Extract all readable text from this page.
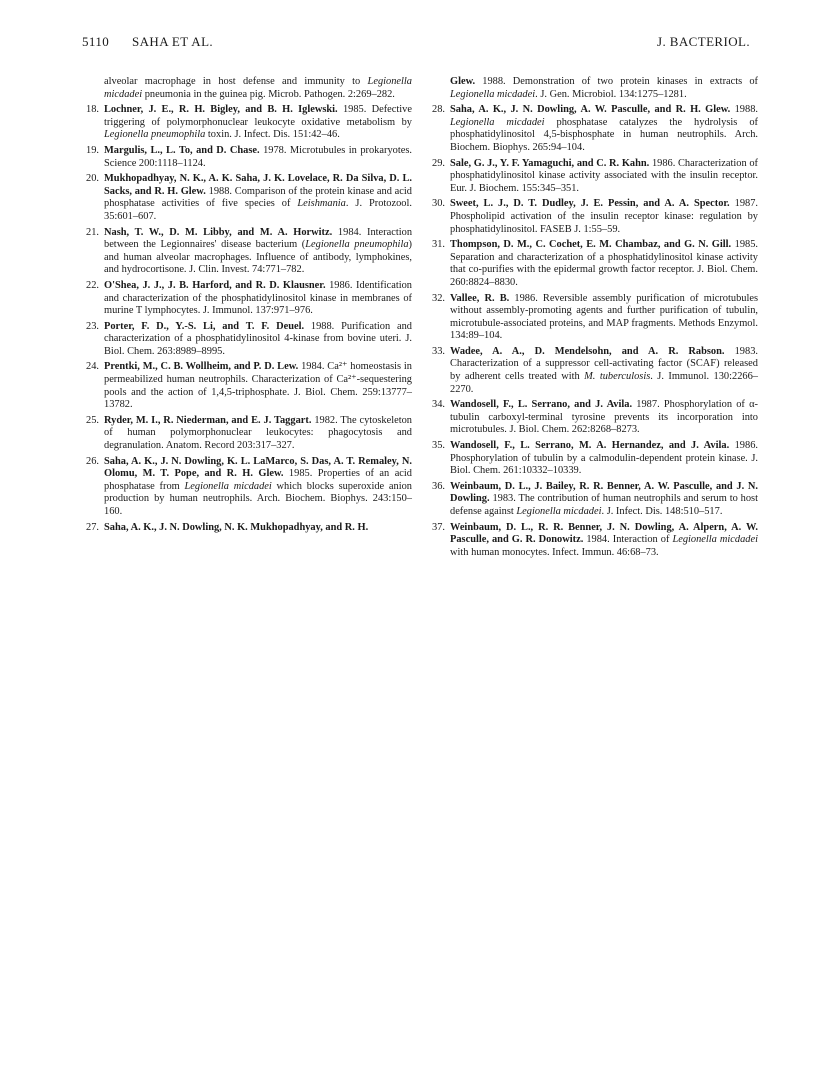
5110 SAHA ET AL.	J. BACTERIOL.

alveolar macrophage in host defense and immunity to Legionella micdadei pneumonia in the guinea pig. Microb. Pathogen. 2:269–282.

18. Lochner, J. E., R. H. Bigley, and B. H. Iglewski. 1985. Defective triggering of polymorphonuclear leukocyte oxidative metabolism by Legionella pneumophila toxin. J. Infect. Dis. 151:42–46.

19. Margulis, L., L. To, and D. Chase. 1978. Microtubules in prokaryotes. Science 200:1118–1124.

20. Mukhopadhyay, N. K., A. K. Saha, J. K. Lovelace, R. Da Silva, D. L. Sacks, and R. H. Glew. 1988. Comparison of the protein kinase and acid phosphatase activities of five species of Leishmania. J. Protozool. 35:601–607.

21. Nash, T. W., D. M. Libby, and M. A. Horwitz. 1984. Interaction between the Legionnaires' disease bacterium (Legionella pneumophila) and human alveolar macrophages. Influence of antibody, lymphokines, and hydrocortisone. J. Clin. Invest. 74:771–782.

22. O'Shea, J. J., J. B. Harford, and R. D. Klausner. 1986. Identification and characterization of the phosphatidylinositol kinase in membranes of murine T lymphocytes. J. Immunol. 137:971–976.

23. Porter, F. D., Y.-S. Li, and T. F. Deuel. 1988. Purification and characterization of a phosphatidylinositol 4-kinase from bovine uteri. J. Biol. Chem. 263:8989–8995.

24. Prentki, M., C. B. Wollheim, and P. D. Lew. 1984. Ca²⁺ homeostasis in permeabilized human neutrophils. Characterization of Ca²⁺-sequestering pools and the action of 1,4,5-triphosphate. J. Biol. Chem. 259:13777–13782.

25. Ryder, M. I., R. Niederman, and E. J. Taggart. 1982. The cytoskeleton of human polymorphonuclear leukocytes: phagocytosis and degranulation. Anatom. Record 203:317–327.

26. Saha, A. K., J. N. Dowling, K. L. LaMarco, S. Das, A. T. Remaley, N. Olomu, M. T. Pope, and R. H. Glew. 1985. Properties of an acid phosphatase from Legionella micdadei which blocks superoxide anion production by human neutrophils. Arch. Biochem. Biophys. 243:150–160.

27. Saha, A. K., J. N. Dowling, N. K. Mukhopadhyay, and R. H.

Glew. 1988. Demonstration of two protein kinases in extracts of Legionella micdadei. J. Gen. Microbiol. 134:1275–1281.

28. Saha, A. K., J. N. Dowling, A. W. Pasculle, and R. H. Glew. 1988. Legionella micdadei phosphatase catalyzes the hydrolysis of phosphatidylinositol 4,5-bisphosphate in human neutrophils. Arch. Biochem. Biophys. 265:94–104.

29. Sale, G. J., Y. F. Yamaguchi, and C. R. Kahn. 1986. Characterization of phosphatidylinositol kinase activity associated with the insulin receptor. Eur. J. Biochem. 155:345–351.

30. Sweet, L. J., D. T. Dudley, J. E. Pessin, and A. A. Spector. 1987. Phospholipid activation of the insulin receptor kinase: regulation by phosphatidylinositol. FASEB J. 1:55–59.

31. Thompson, D. M., C. Cochet, E. M. Chambaz, and G. N. Gill. 1985. Separation and characterization of a phosphatidylinositol kinase activity that co-purifies with the epidermal growth factor receptor. J. Biol. Chem. 260:8824–8830.

32. Vallee, R. B. 1986. Reversible assembly purification of microtubules without assembly-promoting agents and further purification of tubulin, microtubule-associated proteins, and MAP fragments. Methods Enzymol. 134:89–104.

33. Wadee, A. A., D. Mendelsohn, and A. R. Rabson. 1983. Characterization of a suppressor cell-activating factor (SCAF) released by adherent cells treated with M. tuberculosis. J. Immunol. 130:2266–2270.

34. Wandosell, F., L. Serrano, and J. Avila. 1987. Phosphorylation of α-tubulin carboxyl-terminal tyrosine prevents its incorporation into microtubules. J. Biol. Chem. 262:8268–8273.

35. Wandosell, F., L. Serrano, M. A. Hernandez, and J. Avila. 1986. Phosphorylation of tubulin by a calmodulin-dependent protein kinase. J. Biol. Chem. 261:10332–10339.

36. Weinbaum, D. L., J. Bailey, R. R. Benner, A. W. Pasculle, and J. N. Dowling. 1983. The contribution of human neutrophils and serum to host defense against Legionella micdadei. J. Infect. Dis. 148:510–517.

37. Weinbaum, D. L., R. R. Benner, J. N. Dowling, A. Alpern, A. W. Pasculle, and G. R. Donowitz. 1984. Interaction of Legionella micdadei with human monocytes. Infect. Immun. 46:68–73.
